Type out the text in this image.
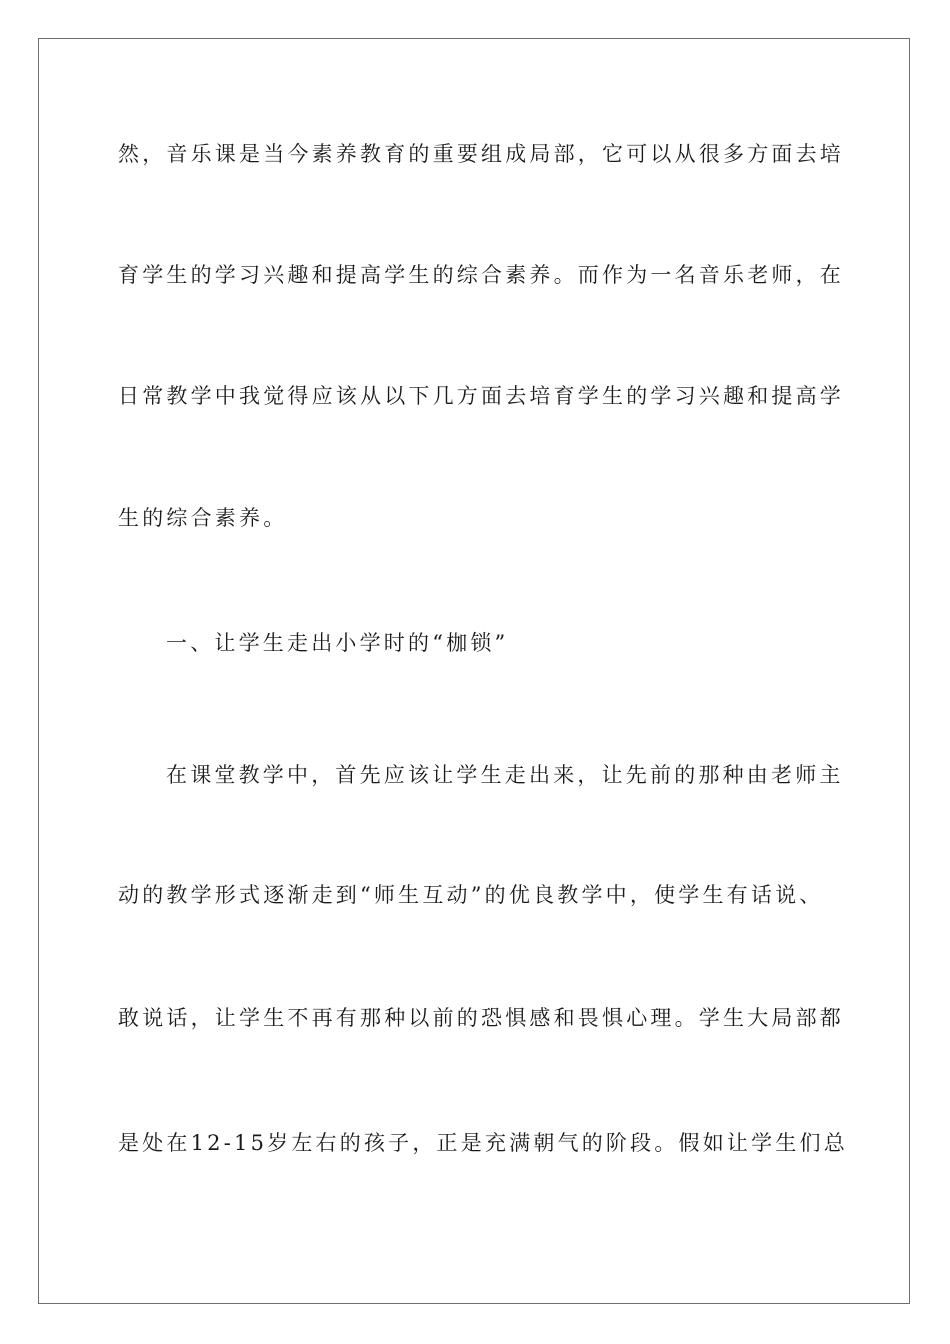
然，音乐课是当今素养教育的重要组成局部，它可以从很多方面去培
育学生的学习兴趣和提高学生的综合素养。而作为一名音乐老师，在
日常教学中我觉得应该从以下几方面去培育学生的学习兴趣和提高学
生的综合素养。
一、让学生走出小学时的“枷锁”
在课堂教学中，首先应该让学生走出来，让先前的那种由老师主
动的教学形式逐渐走到“师生互动”的优良教学中，使学生有话说、
敢说话，让学生不再有那种以前的恐惧感和畏惧心理。学生大局部都
是处在12-15岁左右的孩子，正是充满朝气的阶段。假如让学生们总
